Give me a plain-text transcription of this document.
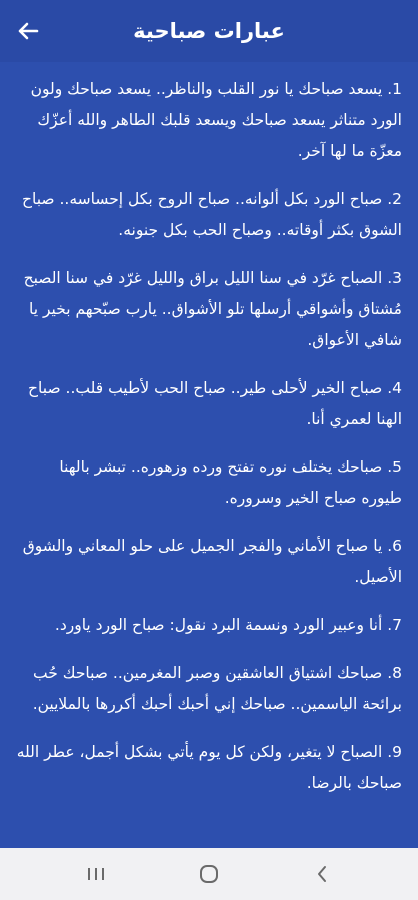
عبارات صباحية
1. يسعد صباحك يا نور القلب والناظر.. يسعد صباحك ولون الورد متناثر يسعد صباحك ويسعد قلبك الطاهر والله أعزّك معزّة ما لها آخر.
2. صباح الورد بكل ألوانه.. صباح الروح بكل إحساسه.. صباح الشوق بكثر أوقاته.. وصباح الحب بكل جنونه.
3. الصباح غرّد في سنا الليل براق والليل غرّد في سنا الصبح مُشتاق وأشواقي أرسلها تلو الأشواق.. يارب صبّحهم بخير يا شافي الأعواق.
4. صباح الخير لأحلى طير.. صباح الحب لأطيب قلب.. صباح الهنا لعمري أنا.
5. صباحك يختلف نوره تفتح ورده وزهوره.. تبشر بالهنا طيوره صباح الخير وسروره.
6. يا صباح الأماني والفجر الجميل على حلو المعاني والشوق الأصيل.
7. أنا وعبير الورد ونسمة البرد نقول: صباح الورد ياورد.
8. صباحك اشتياق العاشقين وصبر المغرمين.. صباحك حُب برائحة الياسمين.. صباحك إني أحبك أحبك أكررها بالملايين.
9. الصباح لا يتغير، ولكن كل يوم يأتي بشكل أجمل، عطر الله صباحك بالرضا.
